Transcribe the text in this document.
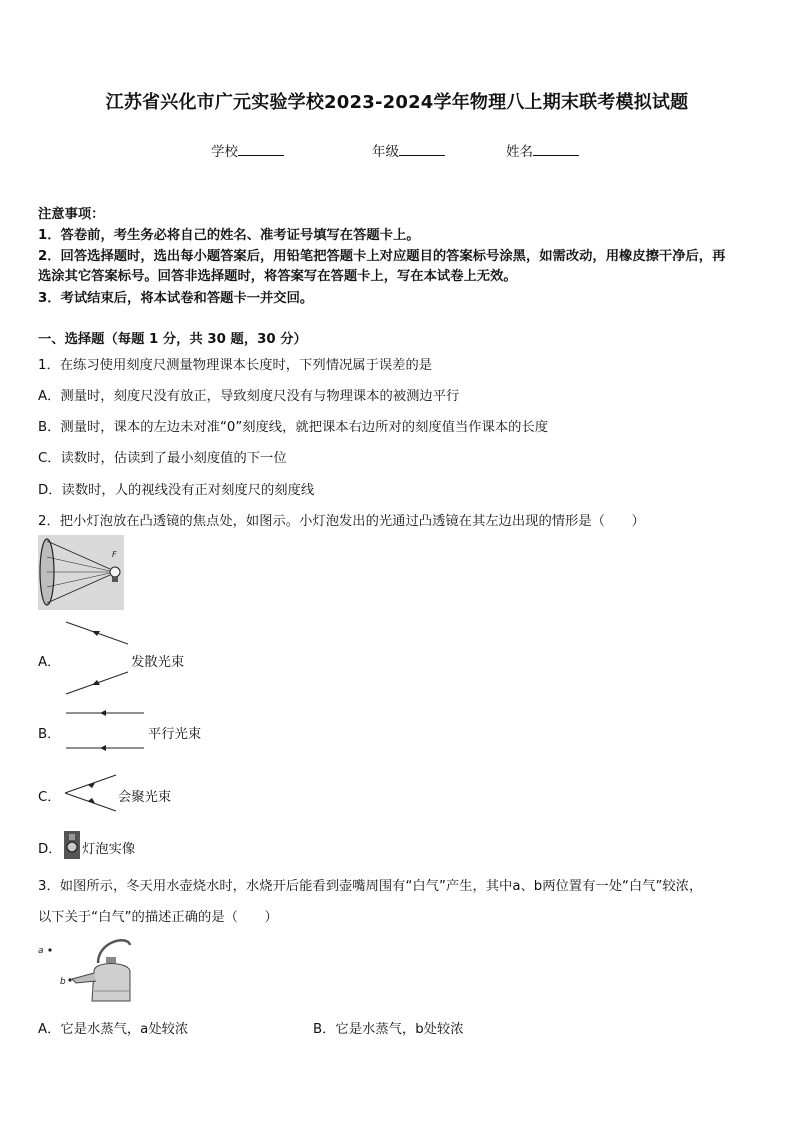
江苏省兴化市广元实验学校2023-2024学年物理八上期末联考模拟试题
学校	年级	姓名
注意事项：
1．答卷前，考生务必将自己的姓名、准考证号填写在答题卡上。
2．回答选择题时，选出每小题答案后，用铅笔把答题卡上对应题目的答案标号涂黑，如需改动，用橡皮擦干净后，再
选涂其它答案标号。回答非选择题时，将答案写在答题卡上，写在本试卷上无效。
3．考试结束后，将本试卷和答题卡一并交回。
一、选择题（每题 1 分，共 30 题，30 分）
1．在练习使用刻度尺测量物理课本长度时，下列情况属于误差的是
A．测量时，刻度尺没有放正，导致刻度尺没有与物理课本的被测边平行
B．测量时，课本的左边未对准“0”刻度线，就把课本右边所对的刻度值当作课本的长度
C．读数时，估读到了最小刻度值的下一位
D．读数时，人的视线没有正对刻度尺的刻度线
2．把小灯泡放在凸透镜的焦点处，如图示。小灯泡发出的光通过凸透镜在其左边出现的情形是（　　）
F
A．	发散光束
B．	平行光束
C．	会聚光束
D． 灯泡实像
3．如图所示，冬天用水壶烧水时，水烧开后能看到壶嘴周围有“白气”产生，其中a、b两位置有一处“白气”较浓，
以下关于“白气”的描述正确的是（　　）
a
b
A．它是水蒸气，a处较浓	B．它是水蒸气，b处较浓
